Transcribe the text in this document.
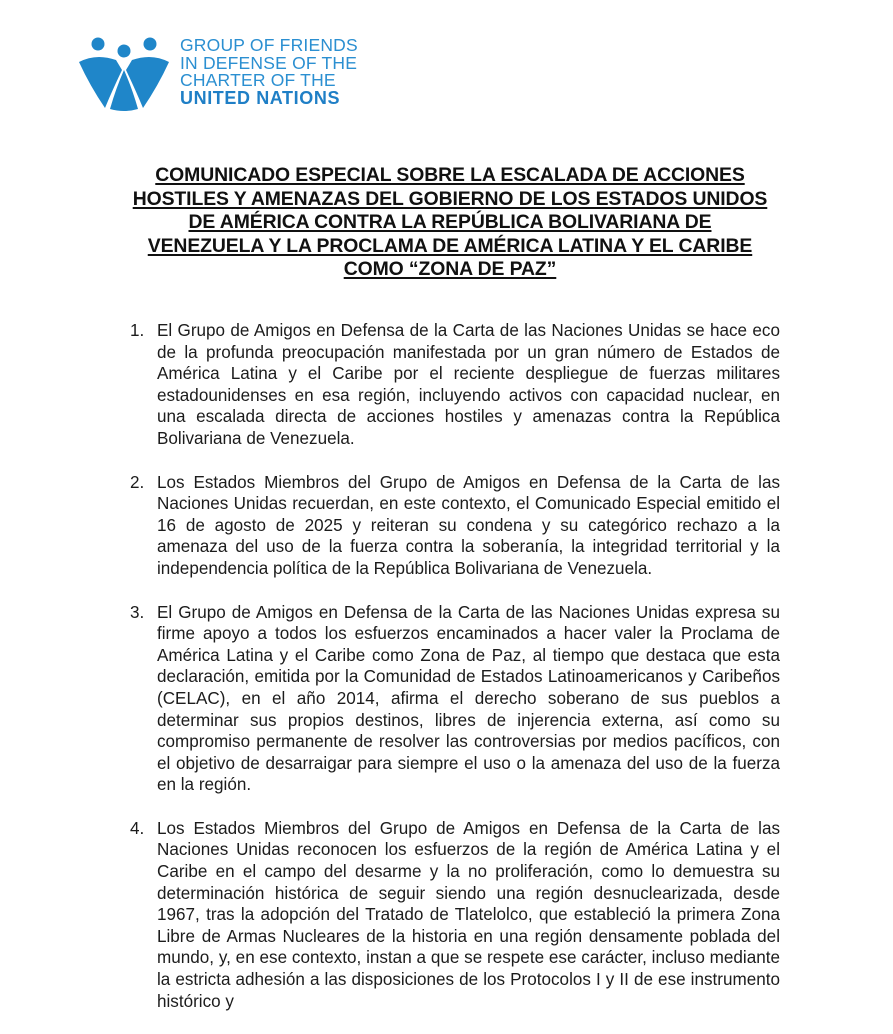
GROUP OF FRIENDS
IN DEFENSE OF THE
CHARTER OF THE
UNITED NATIONS
COMUNICADO ESPECIAL SOBRE LA ESCALADA DE ACCIONES
HOSTILES Y AMENAZAS DEL GOBIERNO DE LOS ESTADOS UNIDOS
DE AMÉRICA CONTRA LA REPÚBLICA BOLIVARIANA DE
VENEZUELA Y LA PROCLAMA DE AMÉRICA LATINA Y EL CARIBE
COMO “ZONA DE PAZ”
1. El Grupo de Amigos en Defensa de la Carta de las Naciones Unidas se hace eco de la profunda preocupación manifestada por un gran número de Estados de América Latina y el Caribe por el reciente despliegue de fuerzas militares estadounidenses en esa región, incluyendo activos con capacidad nuclear, en una escalada directa de acciones hostiles y amenazas contra la República Bolivariana de Venezuela.
2. Los Estados Miembros del Grupo de Amigos en Defensa de la Carta de las Naciones Unidas recuerdan, en este contexto, el Comunicado Especial emitido el 16 de agosto de 2025 y reiteran su condena y su categórico rechazo a la amenaza del uso de la fuerza contra la soberanía, la integridad territorial y la independencia política de la República Bolivariana de Venezuela.
3. El Grupo de Amigos en Defensa de la Carta de las Naciones Unidas expresa su firme apoyo a todos los esfuerzos encaminados a hacer valer la Proclama de América Latina y el Caribe como Zona de Paz, al tiempo que destaca que esta declaración, emitida por la Comunidad de Estados Latinoamericanos y Caribeños (CELAC), en el año 2014, afirma el derecho soberano de sus pueblos a determinar sus propios destinos, libres de injerencia externa, así como su compromiso permanente de resolver las controversias por medios pacíficos, con el objetivo de desarraigar para siempre el uso o la amenaza del uso de la fuerza en la región.
4. Los Estados Miembros del Grupo de Amigos en Defensa de la Carta de las Naciones Unidas reconocen los esfuerzos de la región de América Latina y el Caribe en el campo del desarme y la no proliferación, como lo demuestra su determinación histórica de seguir siendo una región desnuclearizada, desde 1967, tras la adopción del Tratado de Tlatelolco, que estableció la primera Zona Libre de Armas Nucleares de la historia en una región densamente poblada del mundo, y, en ese contexto, instan a que se respete ese carácter, incluso mediante la estricta adhesión a las disposiciones de los Protocolos I y II de ese instrumento histórico y
